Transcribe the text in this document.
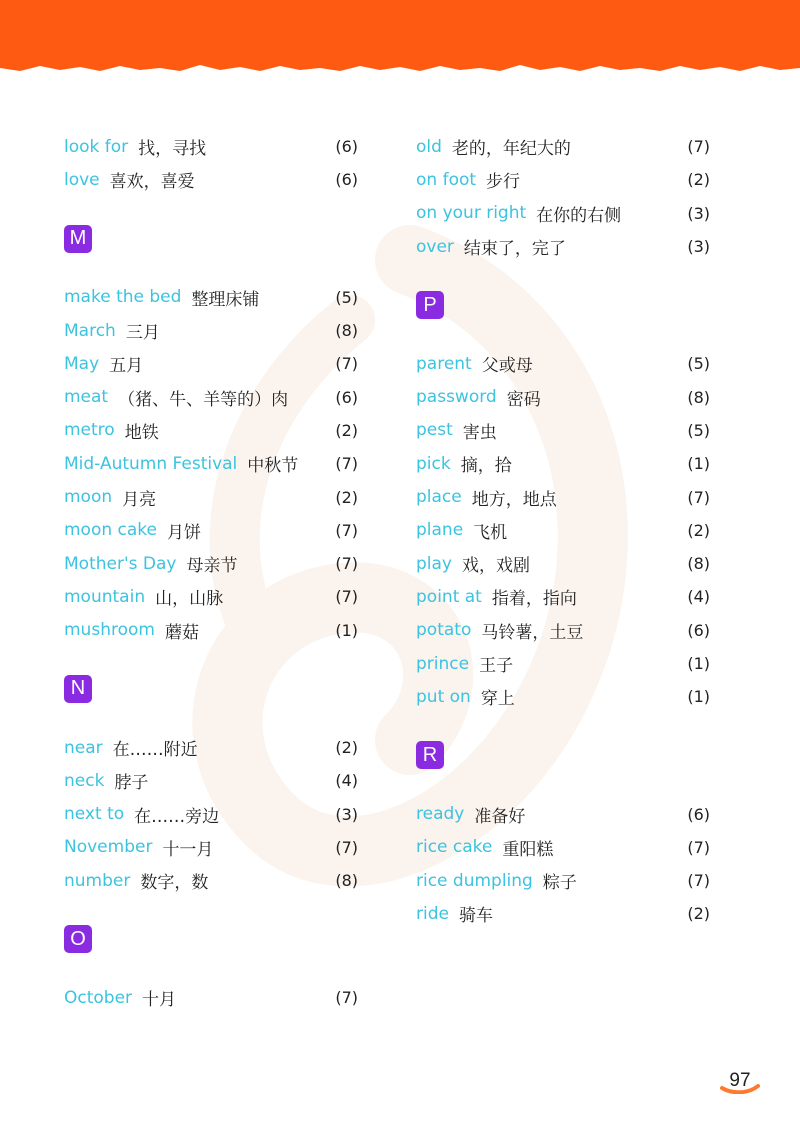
look for 找，寻找	(6)
love 喜欢，喜爱	(6)
M
make the bed 整理床铺	(5)
March 三月	(8)
May 五月	(7)
meat （猪、牛、羊等的）肉	(6)
metro 地铁	(2)
Mid-Autumn Festival 中秋节 (7)
moon 月亮	(2)
moon cake 月饼	(7)
Mother's Day 母亲节	(7)
mountain 山，山脉	(7)
mushroom 蘑菇	(1)
N
near 在……附近	(2)
neck 脖子	(4)
next to 在……旁边	(3)
November 十一月	(7)
number 数字，数	(8)
O
October 十月	(7)
old 老的，年纪大的	(7)
on foot 步行	(2)
on your right 在你的右侧	(3)
over 结束了，完了	(3)
P
parent 父或母	(5)
password 密码	(8)
pest 害虫	(5)
pick 摘，拾	(1)
place 地方，地点	(7)
plane 飞机	(2)
play 戏，戏剧	(8)
point at 指着，指向	(4)
potato 马铃薯，土豆	(6)
prince 王子	(1)
put on 穿上	(1)
R
ready 准备好	(6)
rice cake 重阳糕	(7)
rice dumpling 粽子	(7)
ride 骑车	(2)
97
